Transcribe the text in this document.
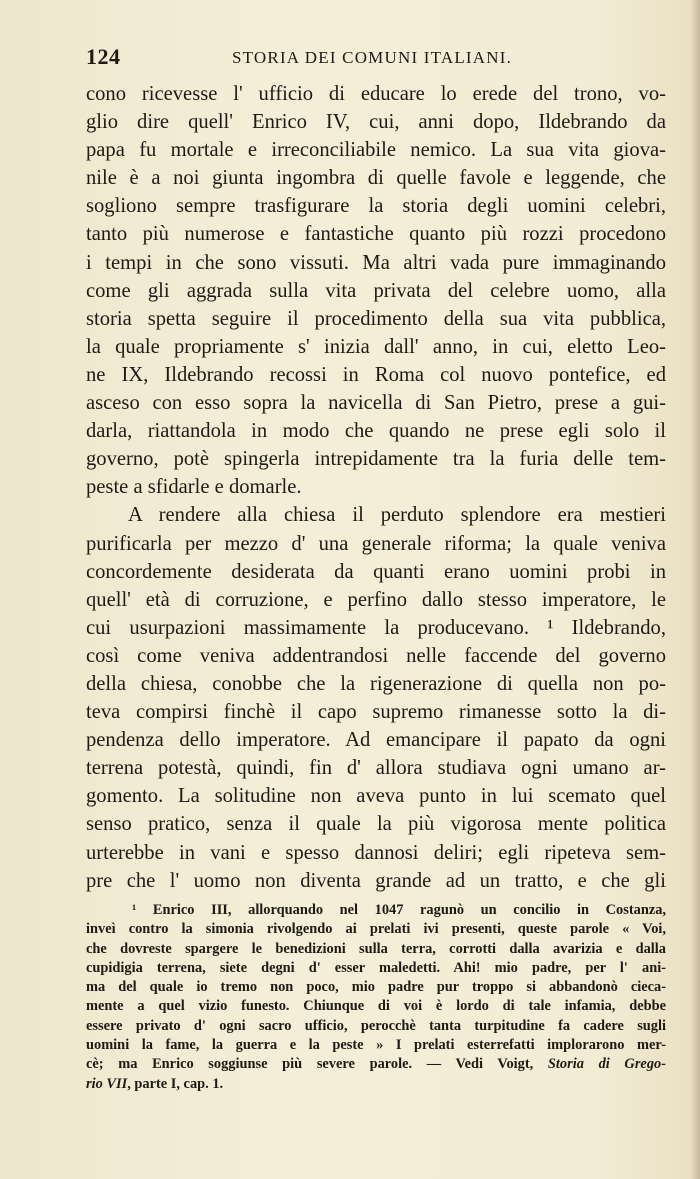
124	STORIA DEI COMUNI ITALIANI.
cono ricevesse l' ufficio di educare lo erede del trono, vo-
glio dire quell' Enrico IV, cui, anni dopo, Ildebrando da
papa fu mortale e irreconciliabile nemico. La sua vita giova-
nile è a noi giunta ingombra di quelle favole e leggende, che
sogliono sempre trasfigurare la storia degli uomini celebri,
tanto più numerose e fantastiche quanto più rozzi procedono
i tempi in che sono vissuti. Ma altri vada pure immaginando
come gli aggrada sulla vita privata del celebre uomo, alla
storia spetta seguire il procedimento della sua vita pubblica,
la quale propriamente s' inizia dall' anno, in cui, eletto Leo-
ne IX, Ildebrando recossi in Roma col nuovo pontefice, ed
asceso con esso sopra la navicella di San Pietro, prese a gui-
darla, riattandola in modo che quando ne prese egli solo il
governo, potè spingerla intrepidamente tra la furia delle tem-
peste a sfidarle e domarle.
A rendere alla chiesa il perduto splendore era mestieri
purificarla per mezzo d' una generale riforma; la quale veniva
concordemente desiderata da quanti erano uomini probi in
quell' età di corruzione, e perfino dallo stesso imperatore, le
cui usurpazioni massimamente la producevano. ¹ Ildebrando,
così come veniva addentrandosi nelle faccende del governo
della chiesa, conobbe che la rigenerazione di quella non po-
teva compirsi finchè il capo supremo rimanesse sotto la di-
pendenza dello imperatore. Ad emancipare il papato da ogni
terrena potestà, quindi, fin d' allora studiava ogni umano ar-
gomento. La solitudine non aveva punto in lui scemato quel
senso pratico, senza il quale la più vigorosa mente politica
urterebbe in vani e spesso dannosi deliri; egli ripeteva sem-
pre che l' uomo non diventa grande ad un tratto, e che gli
¹ Enrico III, allorquando nel 1047 ragunò un concilio in Costanza,
inveì contro la simonia rivolgendo ai prelati ivi presenti, queste parole « Voi,
che dovreste spargere le benedizioni sulla terra, corrotti dalla avarizia e dalla
cupidigia terrena, siete degni d' esser maledetti. Ahi! mio padre, per l' ani-
ma del quale io tremo non poco, mio padre pur troppo si abbandonò cieca-
mente a quel vizio funesto. Chiunque di voi è lordo di tale infamia, debbe
essere privato d' ogni sacro ufficio, perocchè tanta turpitudine fa cadere sugli
uomini la fame, la guerra e la peste » I prelati esterrefatti implorarono mer-
cè; ma Enrico soggiunse più severe parole. — Vedi Voigt, Storia di Grego-
rio VII, parte I, cap. 1.
